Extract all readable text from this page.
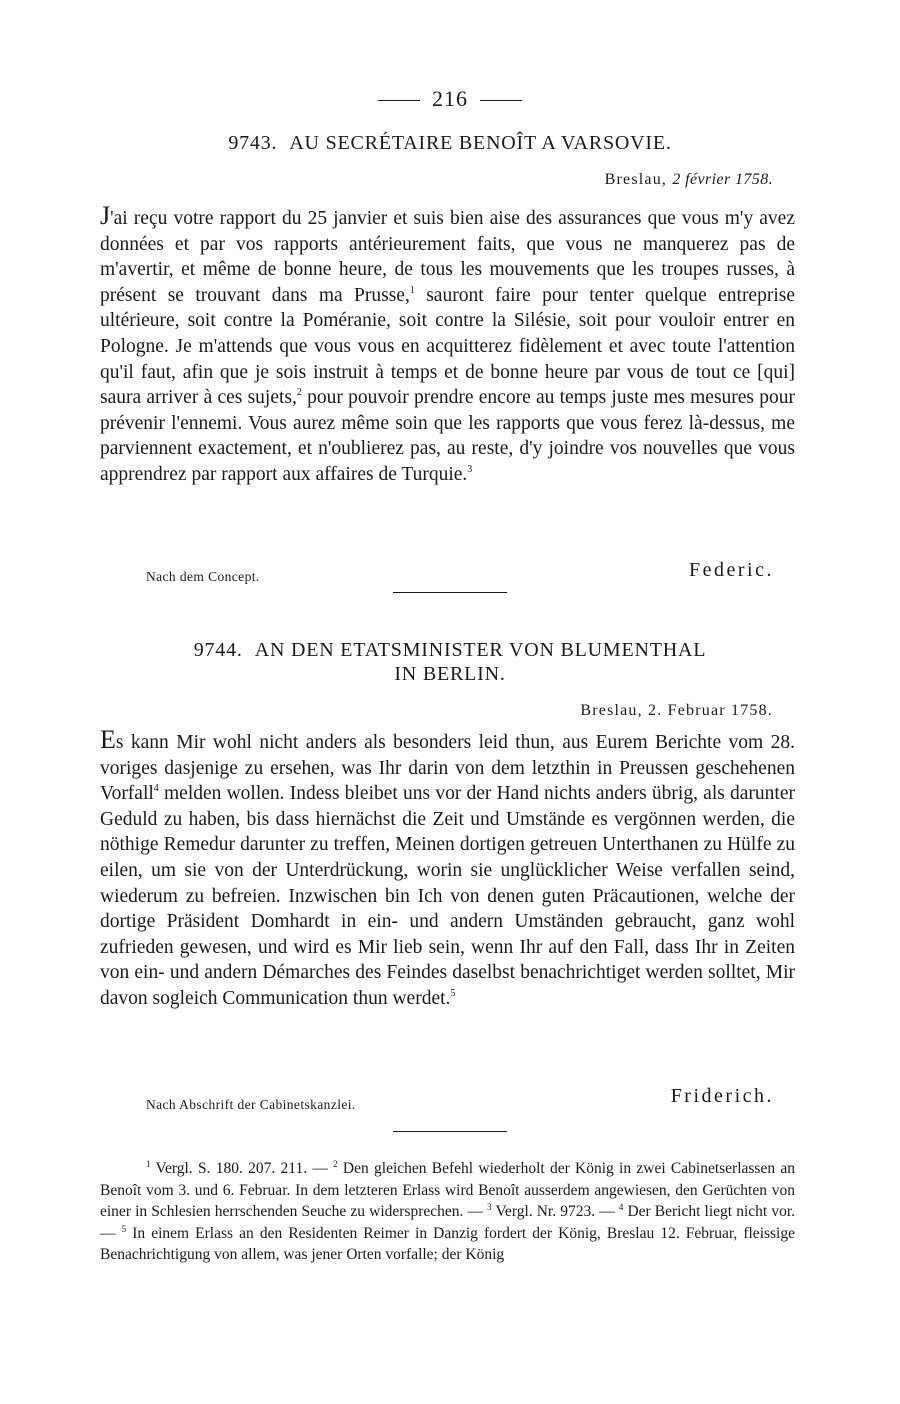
216
9743. AU SECRÉTAIRE BENOÎT A VARSOVIE.
Breslau, 2 février 1758.
J'ai reçu votre rapport du 25 janvier et suis bien aise des assurances que vous m'y avez données et par vos rapports antérieurement faits, que vous ne manquerez pas de m'avertir, et même de bonne heure, de tous les mouvements que les troupes russes, à présent se trouvant dans ma Prusse,$^1$ sauront faire pour tenter quelque entreprise ultérieure, soit contre la Poméranie, soit contre la Silésie, soit pour vouloir entrer en Pologne. Je m'attends que vous vous en acquitterez fidèlement et avec toute l'attention qu'il faut, afin que je sois instruit à temps et de bonne heure par vous de tout ce [qui] saura arriver à ces sujets,$^2$ pour pouvoir prendre encore au temps juste mes mesures pour prévenir l'ennemi. Vous aurez même soin que les rapports que vous ferez là-dessus, me parviennent exactement, et n'oublierez pas, au reste, d'y joindre vos nouvelles que vous apprendrez par rapport aux affaires de Turquie.$^3$
Nach dem Concept.	Federic.
9744. AN DEN ETATSMINISTER VON BLUMENTHAL
IN BERLIN.
Breslau, 2. Februar 1758.
Es kann Mir wohl nicht anders als besonders leid thun, aus Eurem Berichte vom 28. voriges dasjenige zu ersehen, was Ihr darin von dem letzthin in Preussen geschehenen Vorfall$^4$ melden wollen. Indess bleibet uns vor der Hand nichts anders übrig, als darunter Geduld zu haben, bis dass hiernächst die Zeit und Umstände es vergönnen werden, die nöthige Remedur darunter zu treffen, Meinen dortigen getreuen Unterthanen zu Hülfe zu eilen, um sie von der Unterdrückung, worin sie unglücklicher Weise verfallen seind, wiederum zu befreien. Inzwischen bin Ich von denen guten Präcautionen, welche der dortige Präsident Domhardt in ein- und andern Umständen gebraucht, ganz wohl zufrieden gewesen, und wird es Mir lieb sein, wenn Ihr auf den Fall, dass Ihr in Zeiten von ein- und andern Démarches des Feindes daselbst benachrichtiget werden solltet, Mir davon sogleich Communication thun werdet.$^5$
Nach Abschrift der Cabinetskanzlei.	Friderich.
$^1$ Vergl. S. 180. 207. 211. — $^2$ Den gleichen Befehl wiederholt der König in zwei Cabinetserlassen an Benoît vom 3. und 6. Februar. In dem letzteren Erlass wird Benoît ausserdem angewiesen, den Gerüchten von einer in Schlesien herrschenden Seuche zu widersprechen. — $^3$ Vergl. Nr. 9723. — $^4$ Der Bericht liegt nicht vor. — $^5$ In einem Erlass an den Residenten Reimer in Danzig fordert der König, Breslau 12. Februar, fleissige Benachrichtigung von allem, was jener Orten vorfalle; der König
